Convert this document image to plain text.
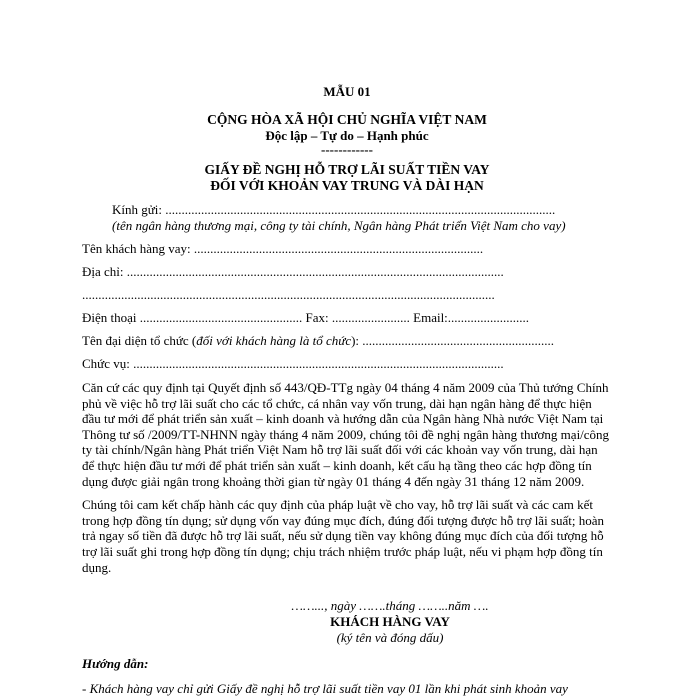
MẪU 01
CỘNG HÒA XÃ HỘI CHỦ NGHĨA VIỆT NAM
Độc lập – Tự do – Hạnh phúc
------------
GIẤY ĐỀ NGHỊ HỖ TRỢ LÃI SUẤT TIỀN VAY
ĐỐI VỚI KHOẢN VAY TRUNG VÀ DÀI HẠN
Kính gửi: ........................................................................................................................
(tên ngân hàng thương mại, công ty tài chính, Ngân hàng Phát triển Việt Nam cho vay)
Tên khách hàng vay: .........................................................................................
Địa chỉ: ....................................................................................................................
...............................................................................................................................
Điện thoại .................................................. Fax: ........................ Email:.........................
Tên đại diện tổ chức (đối với khách hàng là tổ chức): ...........................................................
Chức vụ: ..................................................................................................................
Căn cứ các quy định tại Quyết định số 443/QĐ-TTg ngày 04 tháng 4 năm 2009 của Thủ tướng Chính phủ về việc hỗ trợ lãi suất cho các tổ chức, cá nhân vay vốn trung, dài hạn ngân hàng để thực hiện đầu tư mới để phát triển sản xuất – kinh doanh và hướng dẫn của Ngân hàng Nhà nước Việt Nam tại Thông tư số /2009/TT-NHNN ngày tháng 4 năm 2009, chúng tôi đề nghị ngân hàng thương mại/công ty tài chính/Ngân hàng Phát triển Việt Nam hỗ trợ lãi suất đối với các khoản vay vốn trung, dài hạn để thực hiện đầu tư mới để phát triển sản xuất – kinh doanh, kết cấu hạ tầng theo các hợp đồng tín dụng được giải ngân trong khoảng thời gian từ ngày 01 tháng 4 đến ngày 31 tháng 12 năm 2009.
Chúng tôi cam kết chấp hành các quy định của pháp luật về cho vay, hỗ trợ lãi suất và các cam kết trong hợp đồng tín dụng; sử dụng vốn vay đúng mục đích, đúng đối tượng được hỗ trợ lãi suất; hoàn trả ngay số tiền đã được hỗ trợ lãi suất, nếu sử dụng tiền vay không đúng mục đích của đối tượng hỗ trợ lãi suất ghi trong hợp đồng tín dụng; chịu trách nhiệm trước pháp luật, nếu vi phạm hợp đồng tín dụng.
……..., ngày …….tháng ……..năm ….
KHÁCH HÀNG VAY
(ký tên và đóng dấu)
Hướng dẫn:
- Khách hàng vay chỉ gửi Giấy đề nghị hỗ trợ lãi suất tiền vay 01 lần khi phát sinh khoản vay
